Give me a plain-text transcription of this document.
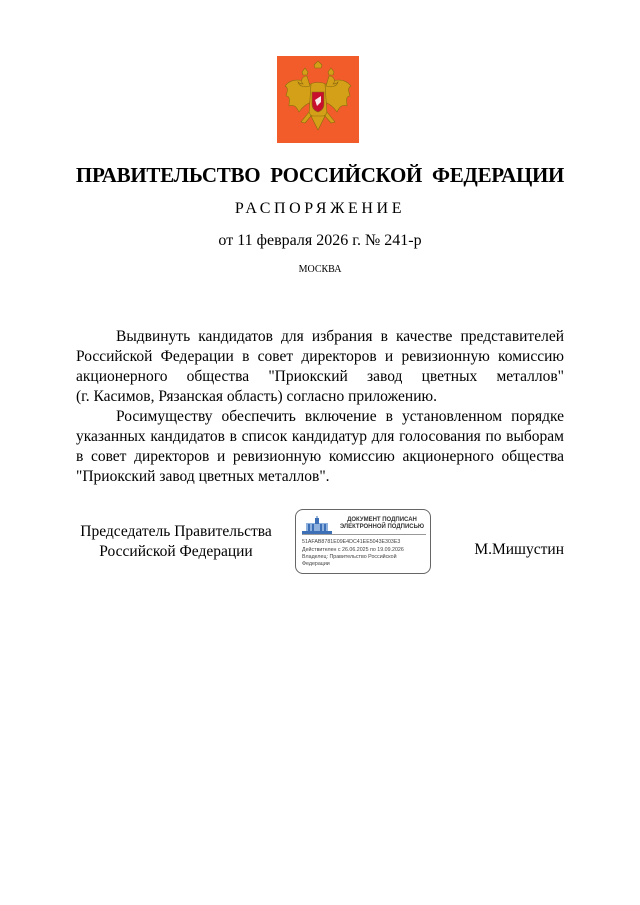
ПРАВИТЕЛЬСТВО РОССИЙСКОЙ ФЕДЕРАЦИИ
РАСПОРЯЖЕНИЕ
от 11 февраля 2026 г. № 241-р
МОСКВА
Выдвинуть кандидатов для избрания в качестве представителей
Российской Федерации в совет директоров и ревизионную комиссию
акционерного общества "Приокский завод цветных металлов"
(г. Касимов, Рязанская область) согласно приложению.
Росимуществу обеспечить включение в установленном порядке
указанных кандидатов в список кандидатур для голосования по выборам
в совет директоров и ревизионную комиссию акционерного общества
"Приокский завод цветных металлов".
Председатель Правительства
Российской Федерации
ДОКУМЕНТ ПОДПИСАН
ЭЛЕКТРОННОЙ ПОДПИСЬЮ
51AFAB8781E09E4DC41EE5043E303E3
Действителен с 26.06.2025 по 19.09.2026
Владелец: Правительство Российской
Федерации
М.Мишустин
